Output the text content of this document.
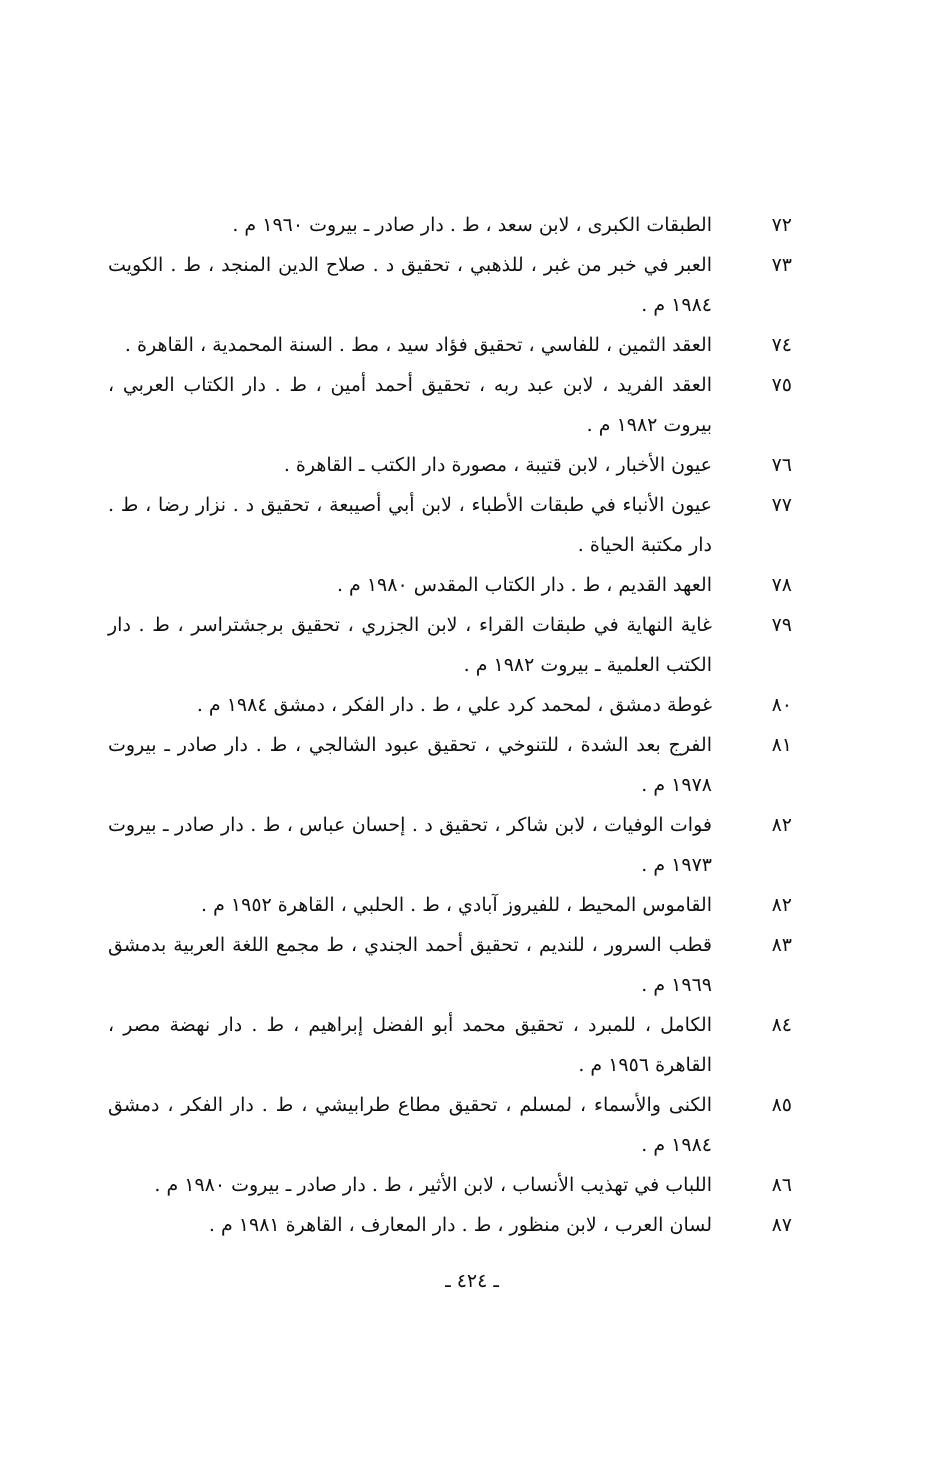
٧٢
الطبقات الكبرى ، لابن سعد ، ط . دار صادر ـ بيروت ١٩٦٠ م .
٧٣
العبر في خبر من غبر ، للذهبي ، تحقيق د . صلاح الدين المنجد ، ط . الكويت ١٩٨٤ م .
٧٤
العقد الثمين ، للفاسي ، تحقيق فؤاد سيد ، مط . السنة المحمدية ، القاهرة .
٧٥
العقد الفريد ، لابن عبد ربه ، تحقيق أحمد أمين ، ط . دار الكتاب العربي ، بيروت ١٩٨٢ م .
٧٦
عيون الأخبار ، لابن قتيبة ، مصورة دار الكتب ـ القاهرة .
٧٧
عيون الأنباء في طبقات الأطباء ، لابن أبي أصيبعة ، تحقيق د . نزار رضا ، ط . دار مكتبة الحياة .
٧٨
العهد القديم ، ط . دار الكتاب المقدس ١٩٨٠ م .
٧٩
غاية النهاية في طبقات القراء ، لابن الجزري ، تحقيق برجشتراسر ، ط . دار الكتب العلمية ـ بيروت ١٩٨٢ م .
٨٠
غوطة دمشق ، لمحمد كرد علي ، ط . دار الفكر ، دمشق ١٩٨٤ م .
٨١
الفرج بعد الشدة ، للتنوخي ، تحقيق عبود الشالجي ، ط . دار صادر ـ بيروت ١٩٧٨ م .
٨٢
فوات الوفيات ، لابن شاكر ، تحقيق د . إحسان عباس ، ط . دار صادر ـ بيروت ١٩٧٣ م .
٨٢
القاموس المحيط ، للفيروز آبادي ، ط . الحلبي ، القاهرة ١٩٥٢ م .
٨٣
قطب السرور ، للنديم ، تحقيق أحمد الجندي ، ط مجمع اللغة العربية بدمشق ١٩٦٩ م .
٨٤
الكامل ، للمبرد ، تحقيق محمد أبو الفضل إبراهيم ، ط . دار نهضة مصر ، القاهرة ١٩٥٦ م .
٨٥
الكنى والأسماء ، لمسلم ، تحقيق مطاع طرابيشي ، ط . دار الفكر ، دمشق ١٩٨٤ م .
٨٦
اللباب في تهذيب الأنساب ، لابن الأثير ، ط . دار صادر ـ بيروت ١٩٨٠ م .
٨٧
لسان العرب ، لابن منظور ، ط . دار المعارف ، القاهرة ١٩٨١ م .
ـ ٤٢٤ ـ
